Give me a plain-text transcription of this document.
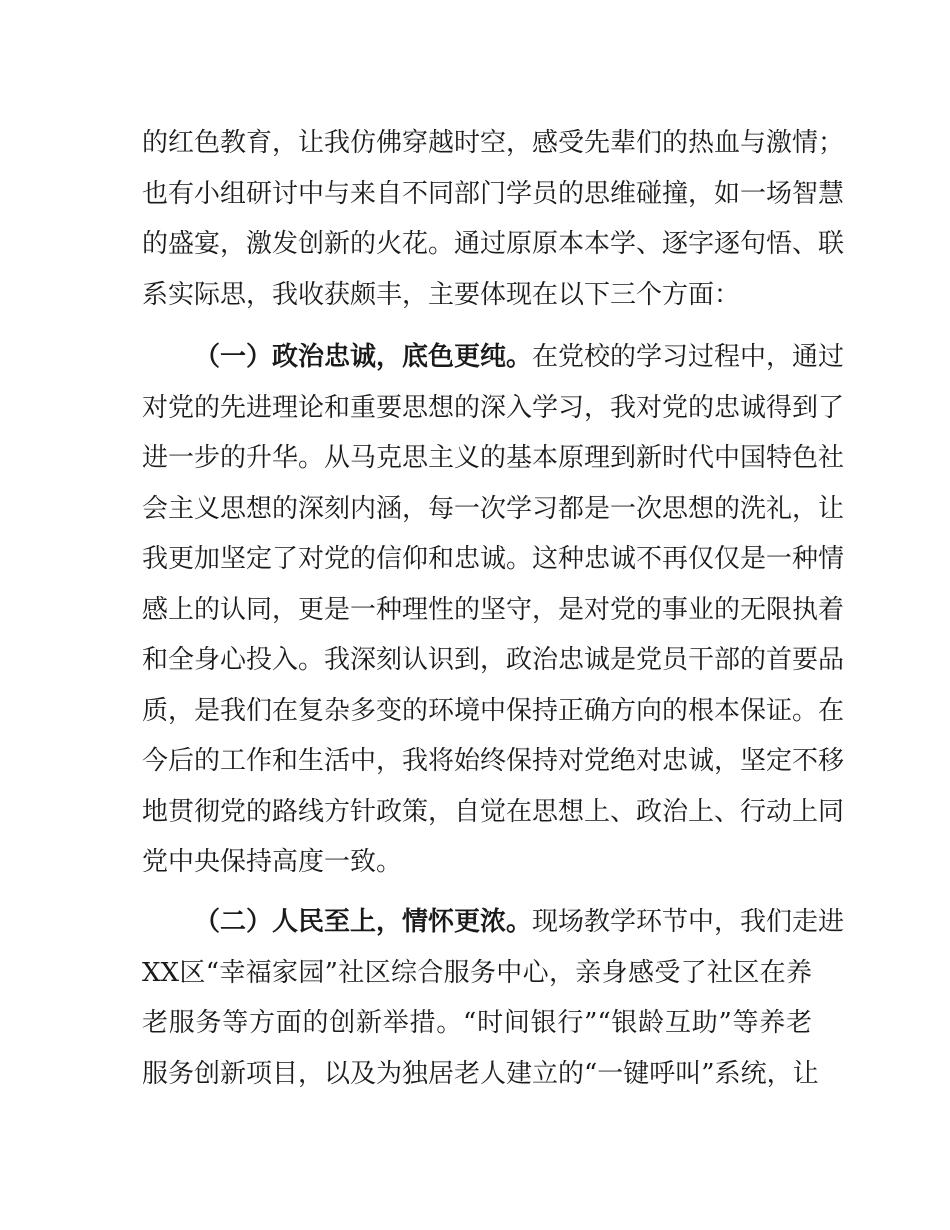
的红色教育，让我仿佛穿越时空，感受先辈们的热血与激情；

也有小组研讨中与来自不同部门学员的思维碰撞，如一场智慧

的盛宴，激发创新的火花。通过原原本本学、逐字逐句悟、联

系实际思，我收获颇丰，主要体现在以下三个方面：

（一）政治忠诚，底色更纯。在党校的学习过程中，通过

对党的先进理论和重要思想的深入学习，我对党的忠诚得到了

进一步的升华。从马克思主义的基本原理到新时代中国特色社

会主义思想的深刻内涵，每一次学习都是一次思想的洗礼，让

我更加坚定了对党的信仰和忠诚。这种忠诚不再仅仅是一种情

感上的认同，更是一种理性的坚守，是对党的事业的无限执着

和全身心投入。我深刻认识到，政治忠诚是党员干部的首要品

质，是我们在复杂多变的环境中保持正确方向的根本保证。在

今后的工作和生活中，我将始终保持对党绝对忠诚，坚定不移

地贯彻党的路线方针政策，自觉在思想上、政治上、行动上同

党中央保持高度一致。

（二）人民至上，情怀更浓。现场教学环节中，我们走进

XX区“幸福家园”社区综合服务中心，亲身感受了社区在养

老服务等方面的创新举措。“时间银行”“银龄互助”等养老

服务创新项目，以及为独居老人建立的“一键呼叫”系统，让
